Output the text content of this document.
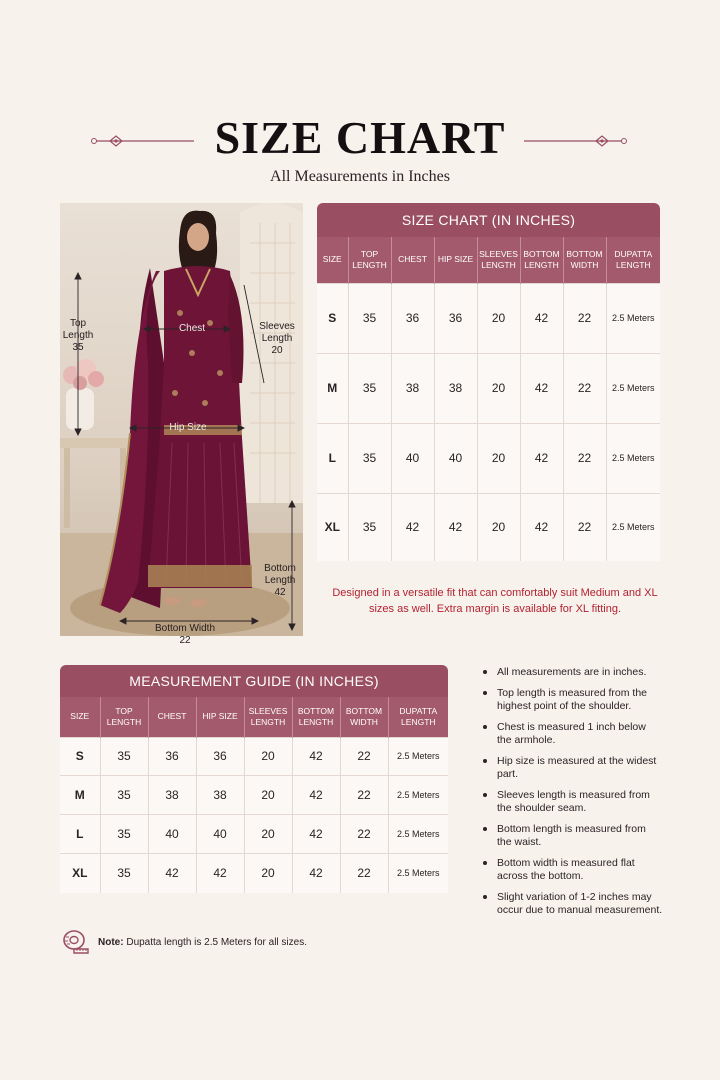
SIZE CHART
All Measurements in Inches
Top
Length
35
Chest	Sleeves
Length
20
Hip Size
Bottom
Length
42
Bottom Width
22
SIZE CHART (IN INCHES)							
SIZE	TOP LENGTH	CHEST	HIP SIZE	SLEEVES LENGTH	BOTTOM LENGTH	BOTTOM WIDTH	DUPATTA LENGTH
S	35	36	36	20	42	22	2.5 Meters
M	35	38	38	20	42	22	2.5 Meters
L	35	40	40	20	42	22	2.5 Meters
XL	35	42	42	20	42	22	2.5 Meters
Designed in a versatile fit that can comfortably suit Medium and XL sizes as well. Extra margin is available for XL fitting.
MEASUREMENT GUIDE (IN INCHES)							
SIZE	TOP LENGTH	CHEST	HIP SIZE	SLEEVES LENGTH	BOTTOM LENGTH	BOTTOM WIDTH	DUPATTA LENGTH
S	35	36	36	20	42	22	2.5 Meters
M	35	38	38	20	42	22	2.5 Meters
L	35	40	40	20	42	22	2.5 Meters
XL	35	42	42	20	42	22	2.5 Meters
All measurements are in inches.
Top length is measured from the highest point of the shoulder.
Chest is measured 1 inch below the armhole.
Hip size is measured at the widest part.
Sleeves length is measured from the shoulder seam.
Bottom length is measured from the waist.
Bottom width is measured flat across the bottom.
Slight variation of 1-2 inches may occur due to manual measurement.
Note: Dupatta length is 2.5 Meters for all sizes.
